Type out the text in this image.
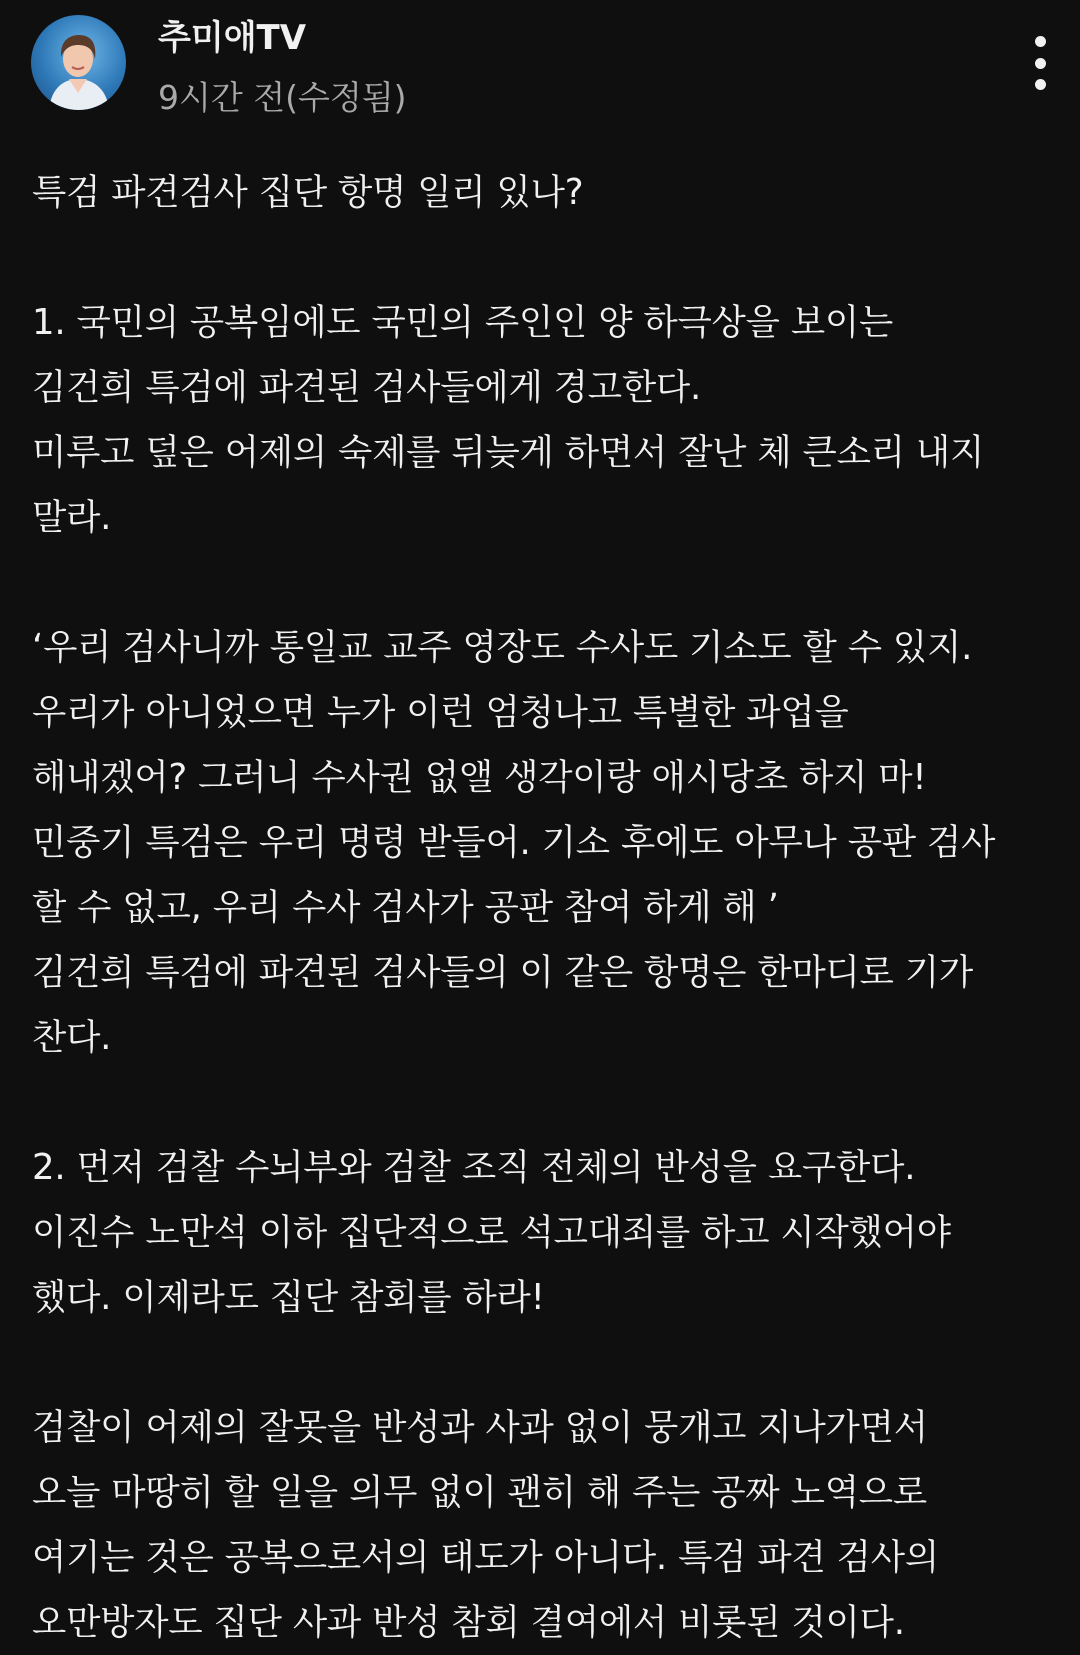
추미애TV
9시간 전(수정됨)
특검 파견검사 집단 항명 일리 있나?
1. 국민의 공복임에도 국민의 주인인 양 하극상을 보이는
김건희 특검에 파견된 검사들에게 경고한다.
미루고 덮은 어제의 숙제를 뒤늦게 하면서 잘난 체 큰소리 내지
말라.
‘우리 검사니까 통일교 교주 영장도 수사도 기소도 할 수 있지.
우리가 아니었으면 누가 이런 엄청나고 특별한 과업을
해내겠어? 그러니 수사권 없앨 생각이랑 애시당초 하지 마!
민중기 특검은 우리 명령 받들어. 기소 후에도 아무나 공판 검사
할 수 없고, 우리 수사 검사가 공판 참여 하게 해 ’
김건희 특검에 파견된 검사들의 이 같은 항명은 한마디로 기가
찬다.
2. 먼저 검찰 수뇌부와 검찰 조직 전체의 반성을 요구한다.
이진수 노만석 이하 집단적으로 석고대죄를 하고 시작했어야
했다. 이제라도 집단 참회를 하라!
검찰이 어제의 잘못을 반성과 사과 없이 뭉개고 지나가면서
오늘 마땅히 할 일을 의무 없이 괜히 해 주는 공짜 노역으로
여기는 것은 공복으로서의 태도가 아니다. 특검 파견 검사의
오만방자도 집단 사과 반성 참회 결여에서 비롯된 것이다.
